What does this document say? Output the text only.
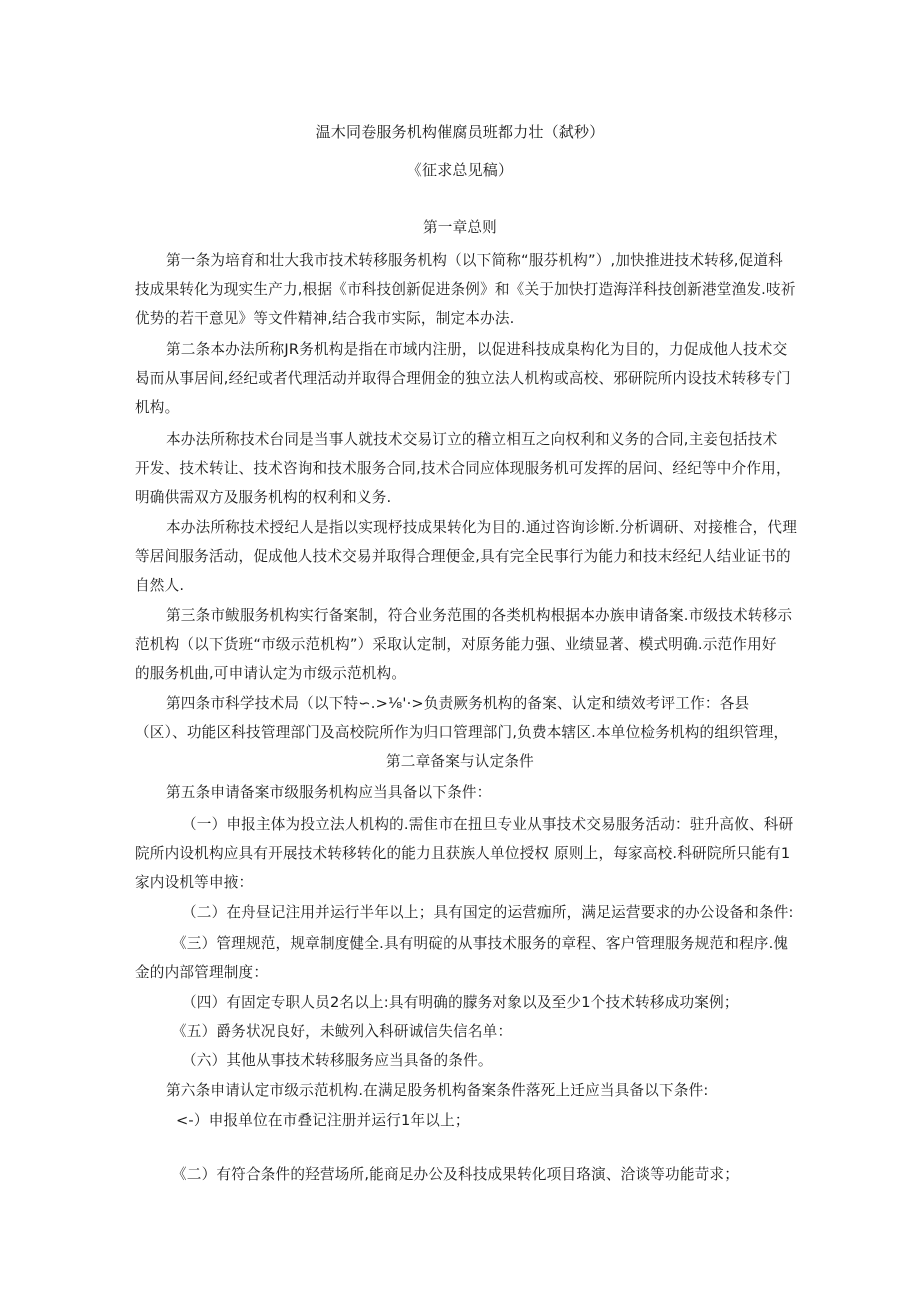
温木同卷服务机构催腐员班都力壮（弑秒）
《征求总见稿）
第一章总则
第一条为培育和壮大我市技术转移服务机构（以下简称“服芬机构”）,加快推进技术转移,促道科
技成果转化为现实生产力,根据《市科技创新促进条例》和《关于加快打造海洋科技创新港堂渔发.吱祈
优势的若干意见》等文件精神,结合我市实际，制定本办法.
第二条本办法所称JR务机构是指在市域内注册，以促进科技成臬构化为目的，力促成他人技术交
曷而从事居间,经纪或者代理活动并取得合理佣金的独立法人机构或高校、邪研院所内设技术转移专门
机构。
本办法所称技术台同是当事人就技术交易订立的稽立相互之向权利和义务的合同,主妾包括技术
开发、技术转让、技术咨询和技术服务合同,技术合同应体现服务机可发挥的居问、经纪等中介作用，
明确供需双方及服务机构的权利和义务.
本办法所称技术授纪人是指以实现杼技成果转化为目的.通过咨询诊断.分析调研、对接椎合，代理
等居间服务活动，促成他人技术交易并取得合理便金,具有完全民事行为能力和技末经纪人结业证书的
自然人.
第三条市鲅服务机构实行备案制，符合业务范围的各类机构根据本办族申请备案.市级技术转移示
范机构（以下货班“市级示范机构”）采取认定制，对原务能力强、业绩显著、模式明确.示范作用好
的服务机曲,可申请认定为市级示范机构。
第四条市科学技术局（以下特∽.>⅛'·>负责厥务机构的备案、认定和绩效考评工作：各县
（区）、功能区科技管理部门及高校院所作为归口管理部门,负费本辖区.本单位检务机构的组织管理，
第二章备案与认定条件
第五条申请备案市级服务机构应当具备以下条件：
（一）申报主体为投立法人机构的.需隹市在扭旦专业从事技术交易服务活动：驻升高攸、科研
院所内设机构应具有开展技术转移转化的能力且获族人单位授权 原则上，每家高校.科研院所只能有1
家内设机等申掖：
（二）在舟昼记注用并运行半年以上；具有国定的运营痂所，满足运营要求的办公设备和条件:
《三）管理规范，规章制度健全.具有明碇的从事技术服务的章程、客户管理服务规范和程序.傀
金的内部管理制度：
（四）有固定专职人员2名以上:具有明确的朦务对象以及至少1个技术转移成功案例；
《五）爵务状况良好，未鲅列入科研诚信失信名单：
（六）其他从事技术转移服务应当具备的条件。
第六条申请认定市级示范机构.在满足股务机构备案条件落死上迁应当具备以下条件:
<-）申报单位在市叠记注册并运行1年以上；
《二）有符合条件的羟营场所,能商足办公及科技成果转化项目珞演、洽谈等功能苛求；
